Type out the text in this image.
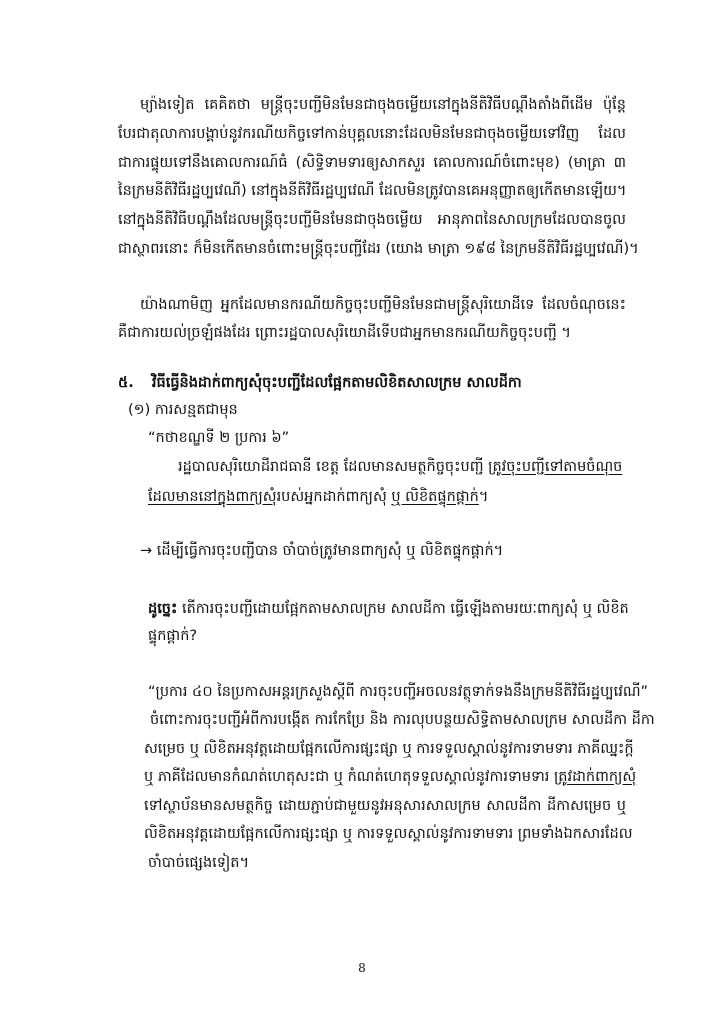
ម្យ៉ាងទៀត គេគិតថា មន្ត្រីចុះបញ្ជីមិនមែនជាចុងចម្លើយនៅក្នុងនីតិវិធីបណ្តឹងតាំងពីដើម ប៉ុន្តែ
បែរជាតុលាការបង្គាប់នូវករណីយកិច្ចទៅកាន់បុគ្គលនោះដែលមិនមែនជាចុងចម្លើយទៅវិញ ដែល
ជាការផ្ទុយទៅនឹងគោលការណ៍ធំ (សិទ្ធិទាមទារឲ្យសាកសួរ គោលការណ៍ចំពោះមុខ) (មាត្រា ៣
នៃក្រមនីតិវិធីរដ្ឋប្បវេណី) នៅក្នុងនីតិវិធីរដ្ឋប្បវេណី ដែលមិនត្រូវបានគេអនុញ្ញាតឲ្យកើតមានឡើយ។
នៅក្នុងនីតិវិធីបណ្តឹងដែលមន្ត្រីចុះបញ្ជីមិនមែនជាចុងចម្លើយ អានុភាពនៃសាលក្រមដែលបានចូល
ជាស្ថាពរនោះ ក៏មិនកើតមានចំពោះមន្ត្រីចុះបញ្ជីដែរ (យោង មាត្រា ១៩៨ នៃក្រមនីតិវិធីរដ្ឋប្បវេណី)។
យ៉ាងណាមិញ អ្នកដែលមានករណីយកិច្ចចុះបញ្ជីមិនមែនជាមន្ត្រីសុរិយោដីទេ ដែលចំណុចនេះ
គឺជាការយល់ច្រឡំផងដែរ ព្រោះរដ្ឋបាលសុរិយោដីទើបជាអ្នកមានករណីយកិច្ចចុះបញ្ជី ។
៥. វិធីធ្វើនិងដាក់ពាក្យសុំចុះបញ្ជីដែលផ្អែកតាមលិខិតសាលក្រម សាលដីកា
(១) ការសន្មតជាមុន
“កថាខណ្ឌទី ២ ប្រការ ៦”
រដ្ឋបាលសុរិយោដីរាជធានី ខេត្ត ដែលមានសមត្ថកិច្ចចុះបញ្ជី ត្រូវចុះបញ្ជីទៅតាមចំណុច
ដែលមាននៅក្នុងពាក្យសុំរបស់អ្នកដាក់ពាក្យសុំ ឬ លិខិតផ្ទុកផ្តាក់។
→ ដើម្បីធ្វើការចុះបញ្ជីបាន ចាំបាច់ត្រូវមានពាក្យសុំ ឬ លិខិតផ្ទុកផ្តាក់។
ដូច្នេះ តើការចុះបញ្ជីដោយផ្អែកតាមសាលក្រម សាលដីកា ធ្វើឡើងតាមរយៈពាក្យសុំ ឬ លិខិត
ផ្ទុកផ្តាក់?
“ប្រការ ៤០ នៃប្រកាសអន្តរក្រសួងស្តីពី ការចុះបញ្ជីអចលនវត្ថុទាក់ទងនឹងក្រមនីតិវិធីរដ្ឋប្បវេណី”
ចំពោះការចុះបញ្ជីអំពីការបង្កើត ការកែប្រែ និង ការលុបបន្ថយសិទ្ធិតាមសាលក្រម សាលដីកា ដីកា
សម្រេច ឬ លិខិតអនុវត្តដោយផ្អែកលើការផ្សះផ្សា ឬ ការទទួលស្គាល់នូវការទាមទារ ភាគីឈ្នះក្តី
ឬ ភាគីដែលមានកំណត់ហេតុសះជា ឬ កំណត់ហេតុទទួលស្គាល់នូវការទាមទារ ត្រូវដាក់ពាក្យសុំ
ទៅស្ថាប័នមានសមត្ថកិច្ច ដោយភ្ជាប់ជាមួយនូវអនុសារសាលក្រម សាលដីកា ដីកាសម្រេច ឬ
លិខិតអនុវត្តដោយផ្អែកលើការផ្សះផ្សា ឬ ការទទួលស្គាល់នូវការទាមទារ ព្រមទាំងឯកសារដែល
ចាំបាច់ផ្សេងទៀត។
8
